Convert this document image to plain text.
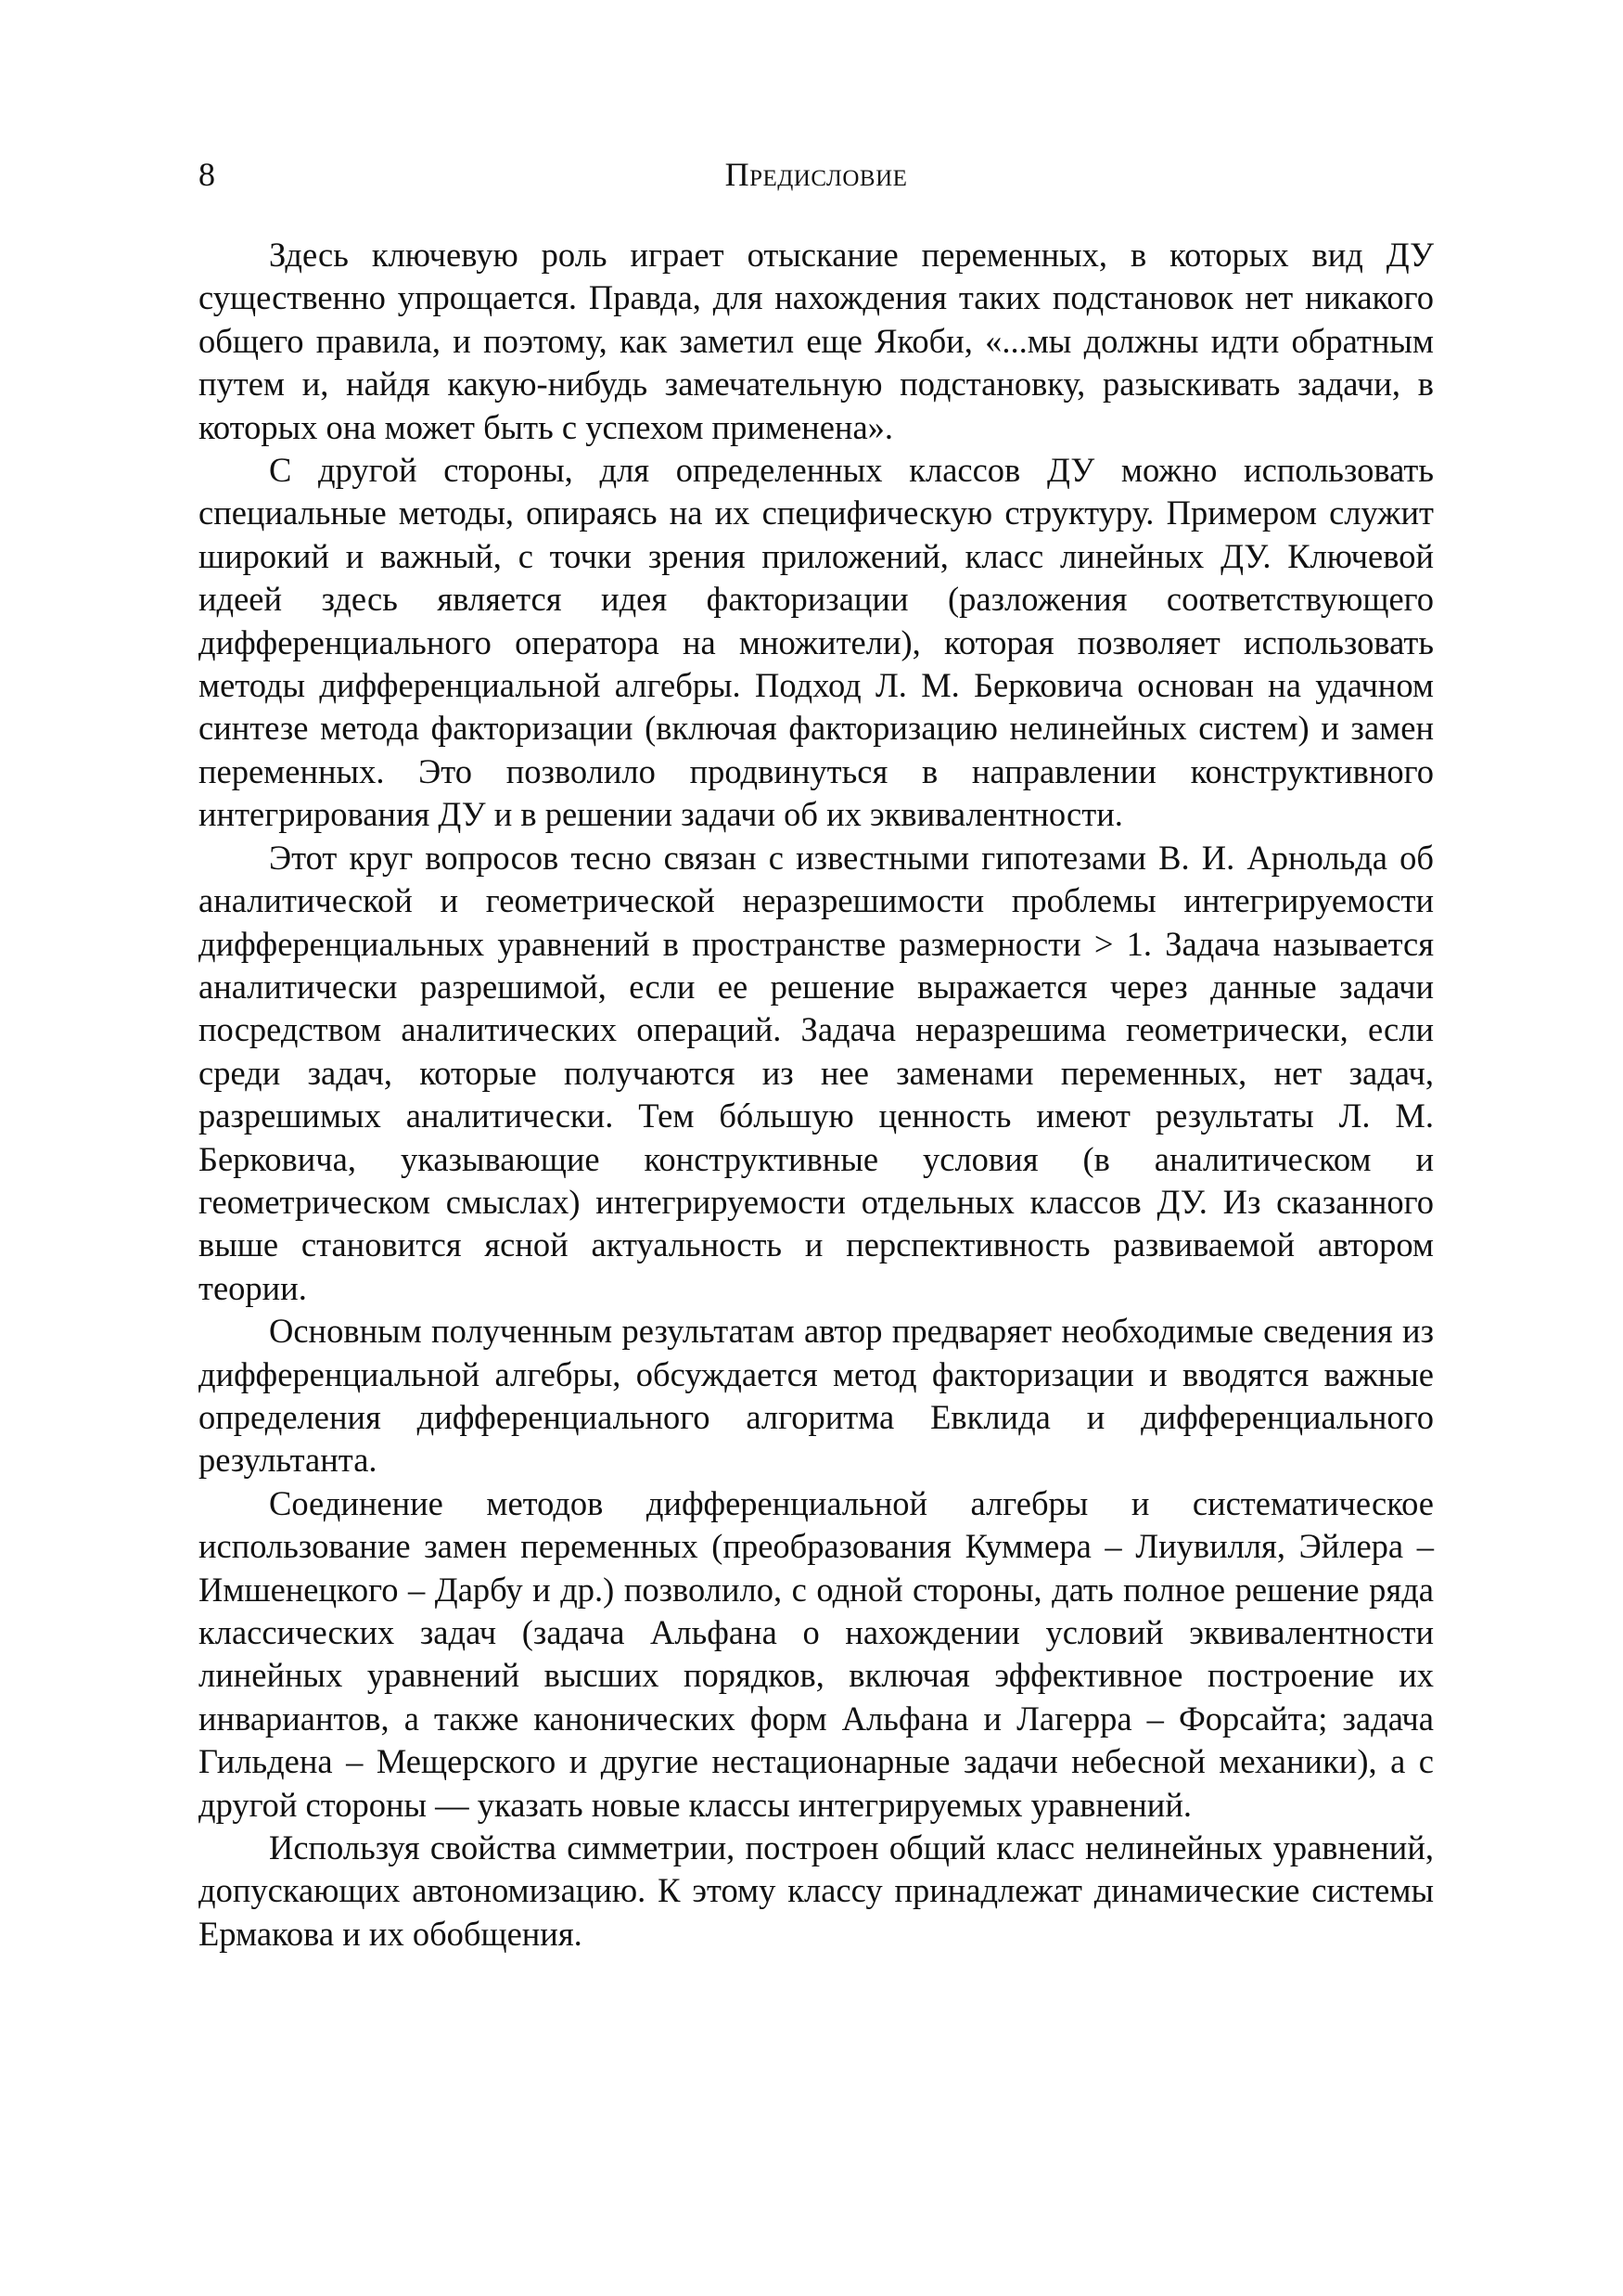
8	Предисловие

Здесь ключевую роль играет отыскание переменных, в которых вид ДУ существенно упрощается. Правда, для нахождения таких подстановок нет никакого общего правила, и поэтому, как заметил еще Якоби, «...мы должны идти обратным путем и, найдя какую-нибудь замечательную подстановку, разыскивать задачи, в которых она может быть с успехом применена».

С другой стороны, для определенных классов ДУ можно использовать специальные методы, опираясь на их специфическую структуру. Примером служит широкий и важный, с точки зрения приложений, класс линейных ДУ. Ключевой идеей здесь является идея факторизации (разложения соответствующего дифференциального оператора на множители), которая позволяет использовать методы дифференциальной алгебры. Подход Л. М. Берковича основан на удачном синтезе метода факторизации (включая факторизацию нелинейных систем) и замен переменных. Это позволило продвинуться в направлении конструктивного интегрирования ДУ и в решении задачи об их эквивалентности.

Этот круг вопросов тесно связан с известными гипотезами В. И. Арнольда об аналитической и геометрической неразрешимости проблемы интегрируемости дифференциальных уравнений в пространстве размерности > 1. Задача называется аналитически разрешимой, если ее решение выражается через данные задачи посредством аналитических операций. Задача неразрешима геометрически, если среди задач, которые получаются из нее заменами переменных, нет задач, разрешимых аналитически. Тем бóльшую ценность имеют результаты Л. М. Берковича, указывающие конструктивные условия (в аналитическом и геометрическом смыслах) интегрируемости отдельных классов ДУ. Из сказанного выше становится ясной актуальность и перспективность развиваемой автором теории.

Основным полученным результатам автор предваряет необходимые сведения из дифференциальной алгебры, обсуждается метод факторизации и вводятся важные определения дифференциального алгоритма Евклида и дифференциального результанта.

Соединение методов дифференциальной алгебры и систематическое использование замен переменных (преобразования Куммера – Лиувилля, Эйлера – Имшенецкого – Дарбу и др.) позволило, с одной стороны, дать полное решение ряда классических задач (задача Альфана о нахождении условий эквивалентности линейных уравнений высших порядков, включая эффективное построение их инвариантов, а также канонических форм Альфана и Лагерра – Форсайта; задача Гильдена – Мещерского и другие нестационарные задачи небесной механики), а с другой стороны — указать новые классы интегрируемых уравнений.

Используя свойства симметрии, построен общий класс нелинейных уравнений, допускающих автономизацию. К этому классу принадлежат динамические системы Ермакова и их обобщения.
